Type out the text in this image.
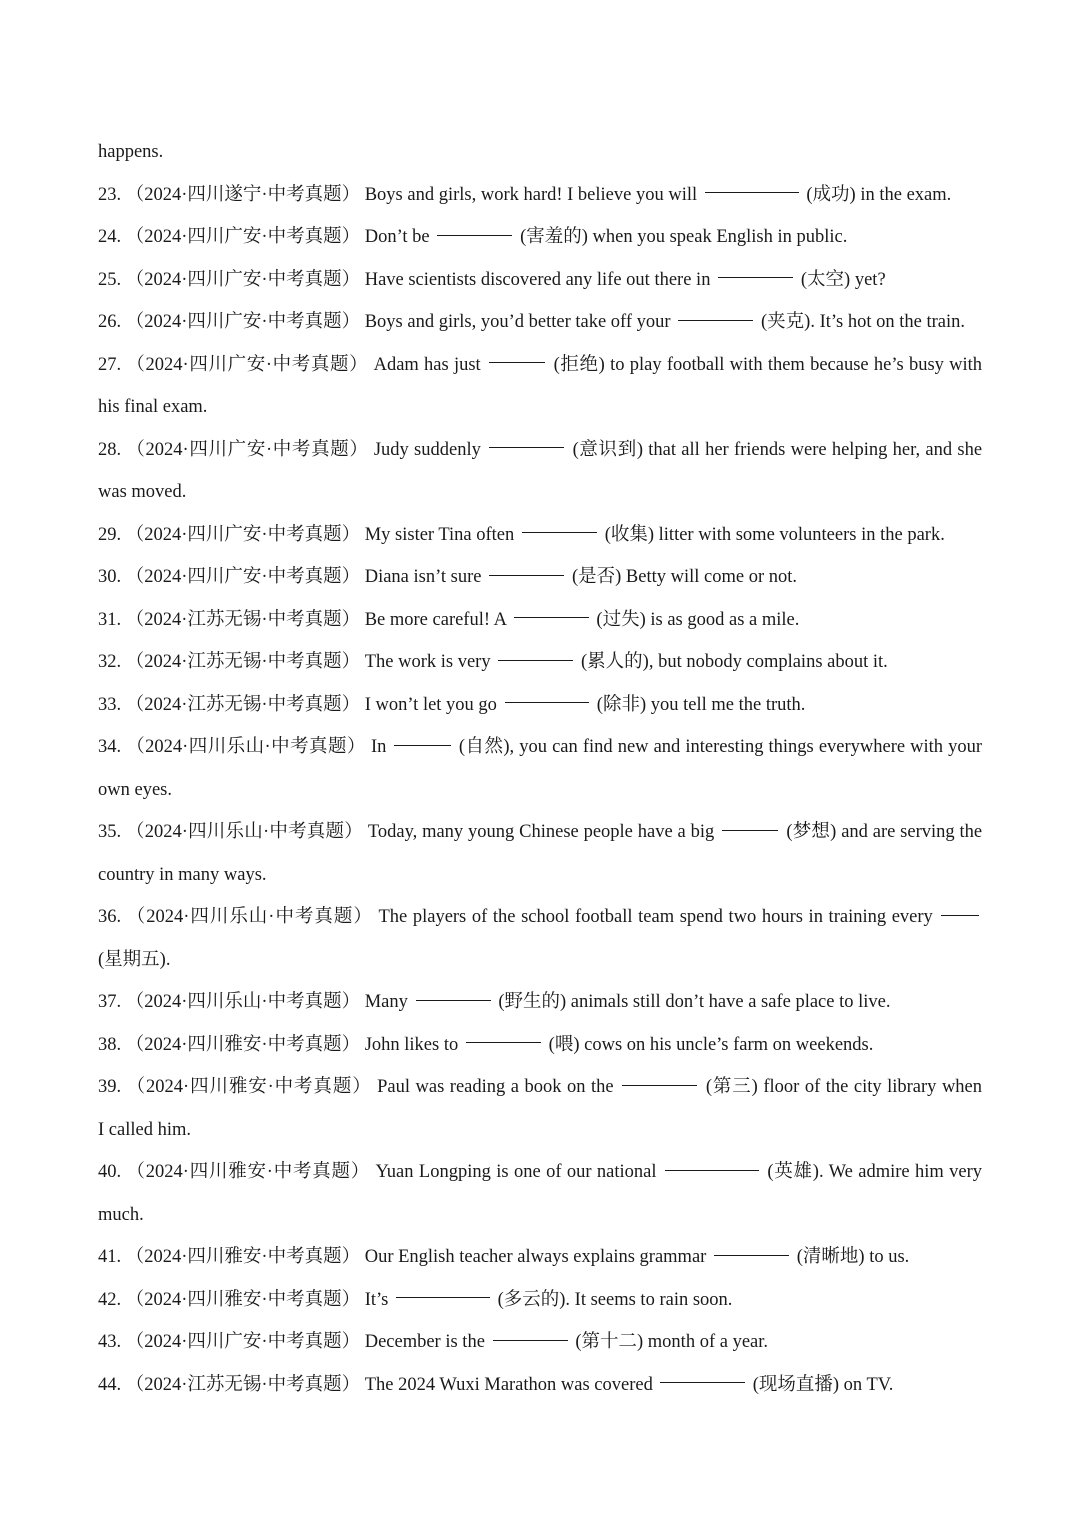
happens.
23. （2024·四川遂宁·中考真题） Boys and girls, work hard! I believe you will	(成功) in the exam.
24. （2024·四川广安·中考真题） Don’t be	(害羞的) when you speak English in public.
25. （2024·四川广安·中考真题） Have scientists discovered any life out there in	(太空) yet?
26. （2024·四川广安·中考真题） Boys and girls, you’d better take off your	(夹克). It’s hot on the train.
27. （2024·四川广安·中考真题） Adam has just	(拒绝) to play football with them because he’s busy with
his final exam.
28. （2024·四川广安·中考真题） Judy suddenly	(意识到) that all her friends were helping her, and she
was moved.
29. （2024·四川广安·中考真题） My sister Tina often	(收集) litter with some volunteers in the park.
30. （2024·四川广安·中考真题） Diana isn’t sure	(是否) Betty will come or not.
31. （2024·江苏无锡·中考真题） Be more careful! A	(过失) is as good as a mile.
32. （2024·江苏无锡·中考真题） The work is very	(累人的), but nobody complains about it.
33. （2024·江苏无锡·中考真题） I won’t let you go	(除非) you tell me the truth.
34. （2024·四川乐山·中考真题） In	(自然), you can find new and interesting things everywhere with your
own eyes.
35. （2024·四川乐山·中考真题） Today, many young Chinese people have a big	(梦想) and are serving the
country in many ways.
36. （2024·四川乐山·中考真题） The players of the school football team spend two hours in training every
(星期五).
37. （2024·四川乐山·中考真题） Many	(野生的) animals still don’t have a safe place to live.
38. （2024·四川雅安·中考真题） John likes to	(喂) cows on his uncle’s farm on weekends.
39. （2024·四川雅安·中考真题） Paul was reading a book on the	(第三) floor of the city library when
I called him.
40. （2024·四川雅安·中考真题） Yuan Longping is one of our national	(英雄). We admire him very
much.
41. （2024·四川雅安·中考真题） Our English teacher always explains grammar	(清晰地) to us.
42. （2024·四川雅安·中考真题） It’s	(多云的). It seems to rain soon.
43. （2024·四川广安·中考真题） December is the	(第十二) month of a year.
44. （2024·江苏无锡·中考真题） The 2024 Wuxi Marathon was covered	(现场直播) on TV.
